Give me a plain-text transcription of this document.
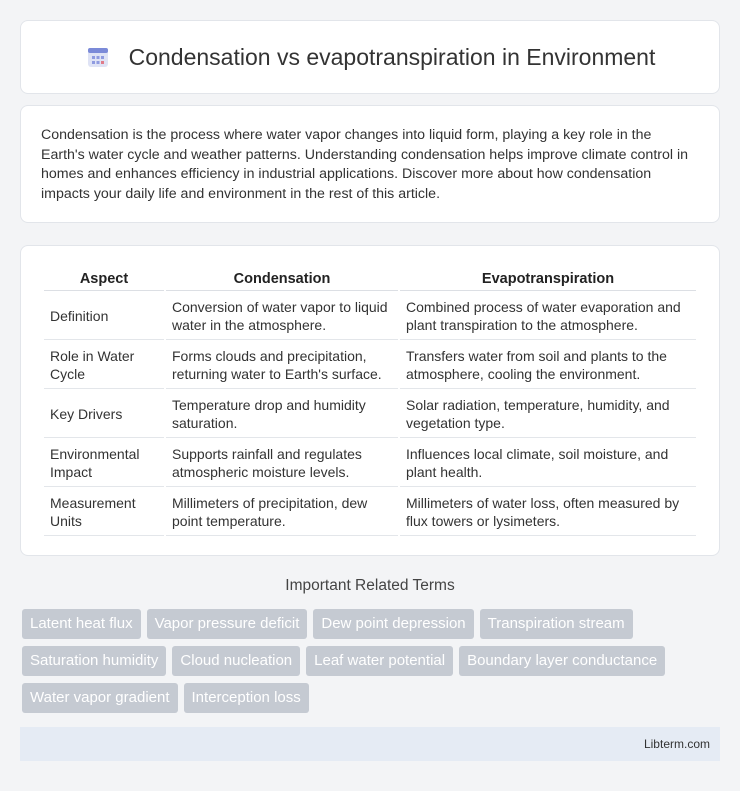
Condensation vs evapotranspiration in Environment

Condensation is the process where water vapor changes into liquid form, playing a key role in the Earth's water cycle and weather patterns. Understanding condensation helps improve climate control in homes and enhances efficiency in industrial applications. Discover more about how condensation impacts your daily life and environment in the rest of this article.

Aspect	Condensation	Evapotranspiration
Definition	Conversion of water vapor to liquid water in the atmosphere.	Combined process of water evaporation and plant transpiration to the atmosphere.
Role in Water Cycle	Forms clouds and precipitation, returning water to Earth's surface.	Transfers water from soil and plants to the atmosphere, cooling the environment.
Key Drivers	Temperature drop and humidity saturation.	Solar radiation, temperature, humidity, and vegetation type.
Environmental Impact	Supports rainfall and regulates atmospheric moisture levels.	Influences local climate, soil moisture, and plant health.
Measurement Units	Millimeters of precipitation, dew point temperature.	Millimeters of water loss, often measured by flux towers or lysimeters.
Important Related Terms
Latent heat flux	Vapor pressure deficit	Dew point depression	Transpiration stream
Saturation humidity	Cloud nucleation	Leaf water potential	Boundary layer conductance
Water vapor gradient	Interception loss
Libterm.com
